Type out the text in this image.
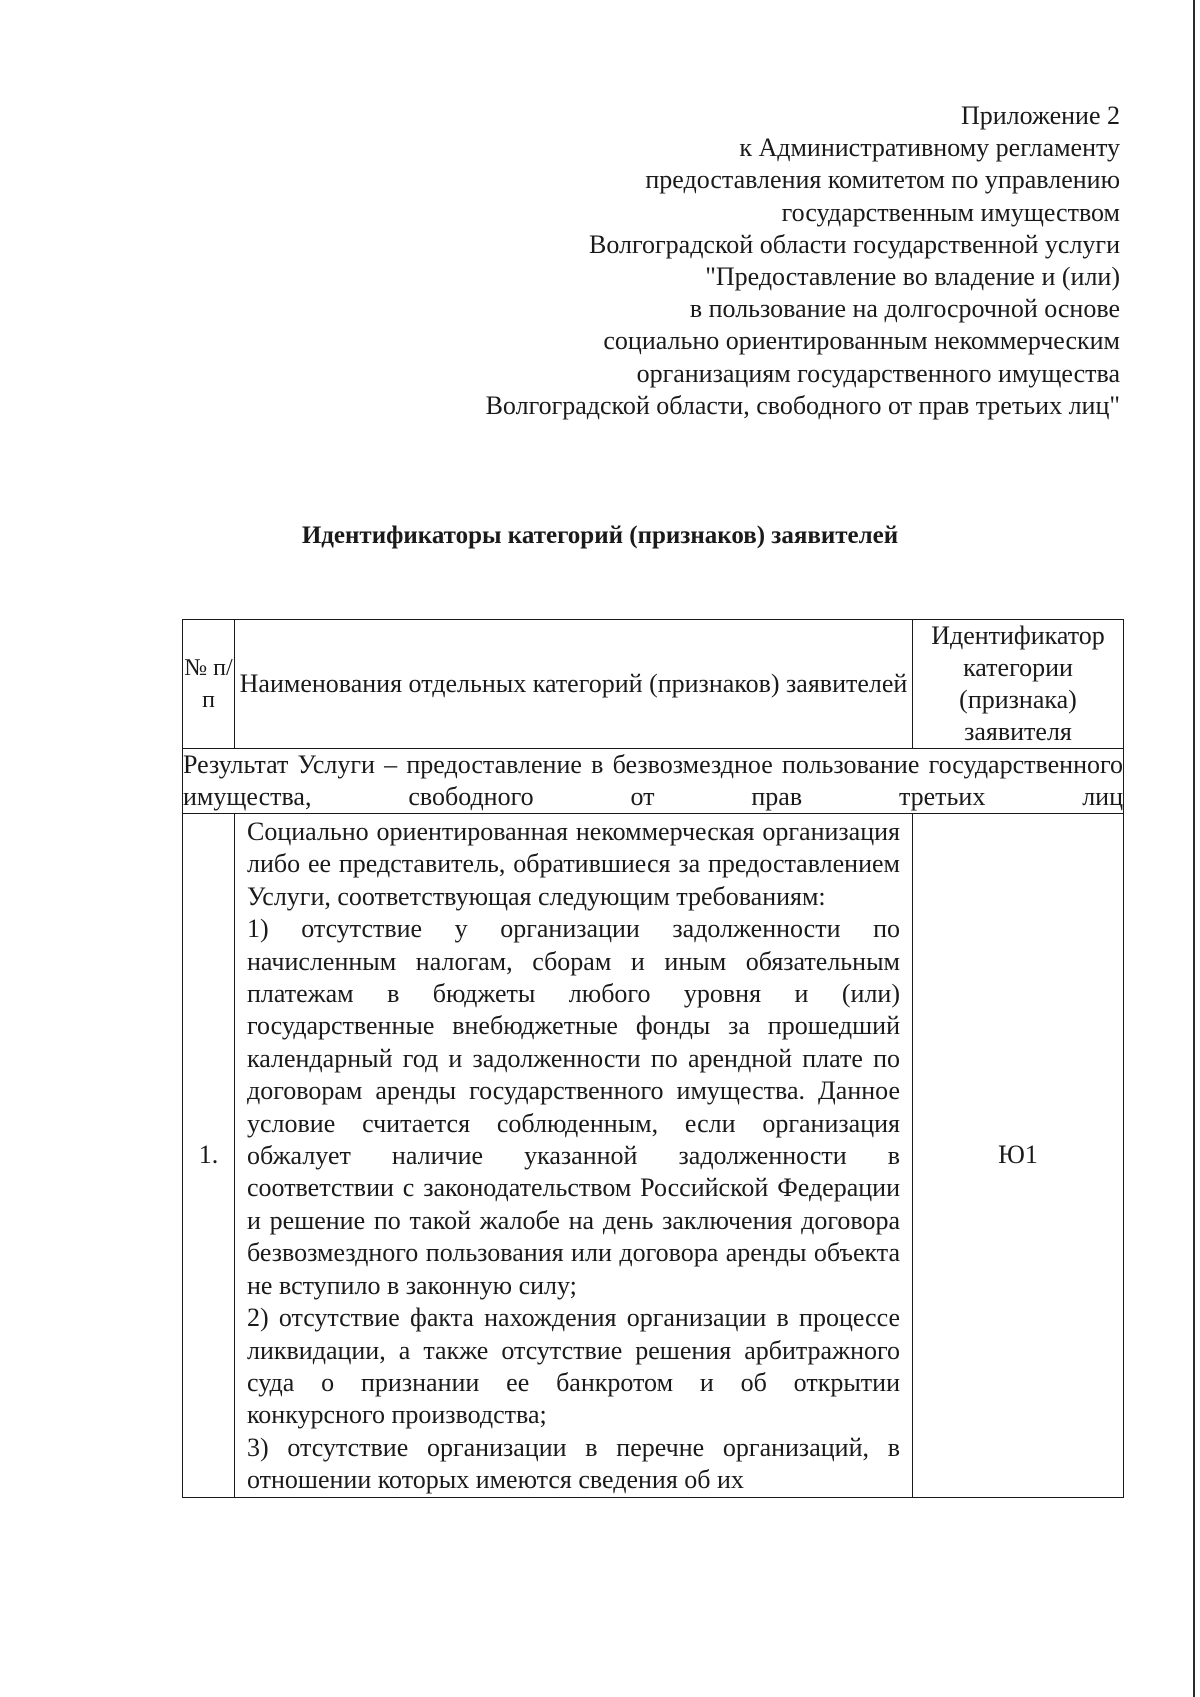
Приложение 2
к Административному регламенту
предоставления комитетом по управлению
государственным имуществом
Волгоградской области государственной услуги
"Предоставление во владение и (или)
в пользование на долгосрочной основе
социально ориентированным некоммерческим
организациям государственного имущества
Волгоградской области, свободного от прав третьих лиц"
Идентификаторы категорий (признаков) заявителей
№ п/п	Наименования отдельных категорий (признаков) заявителей	Идентификатор категории (признака) заявителя
Результат Услуги – предоставление в безвозмездное пользование государственного имущества, свободного от прав третьих лиц		
1.	Социально ориентированная некоммерческая организация либо ее представитель, обратившиеся за предоставлением Услуги, соответствующая следующим требованиям:

1) отсутствие у организации задолженности по начисленным налогам, сборам и иным обязательным платежам в бюджеты любого уровня и (или) государственные внебюджетные фонды за прошедший календарный год и задолженности по арендной плате по договорам аренды государственного имущества. Данное условие считается соблюденным, если организация обжалует наличие указанной задолженности в соответствии с законодательством Российской Федерации и решение по такой жалобе на день заключения договора безвозмездного пользования или договора аренды объекта не вступило в законную силу;

2) отсутствие факта нахождения организации в процессе ликвидации, а также отсутствие решения арбитражного суда о признании ее банкротом и об открытии конкурсного производства;

3) отсутствие организации в перечне организаций, в отношении которых имеются сведения об их	Ю1
